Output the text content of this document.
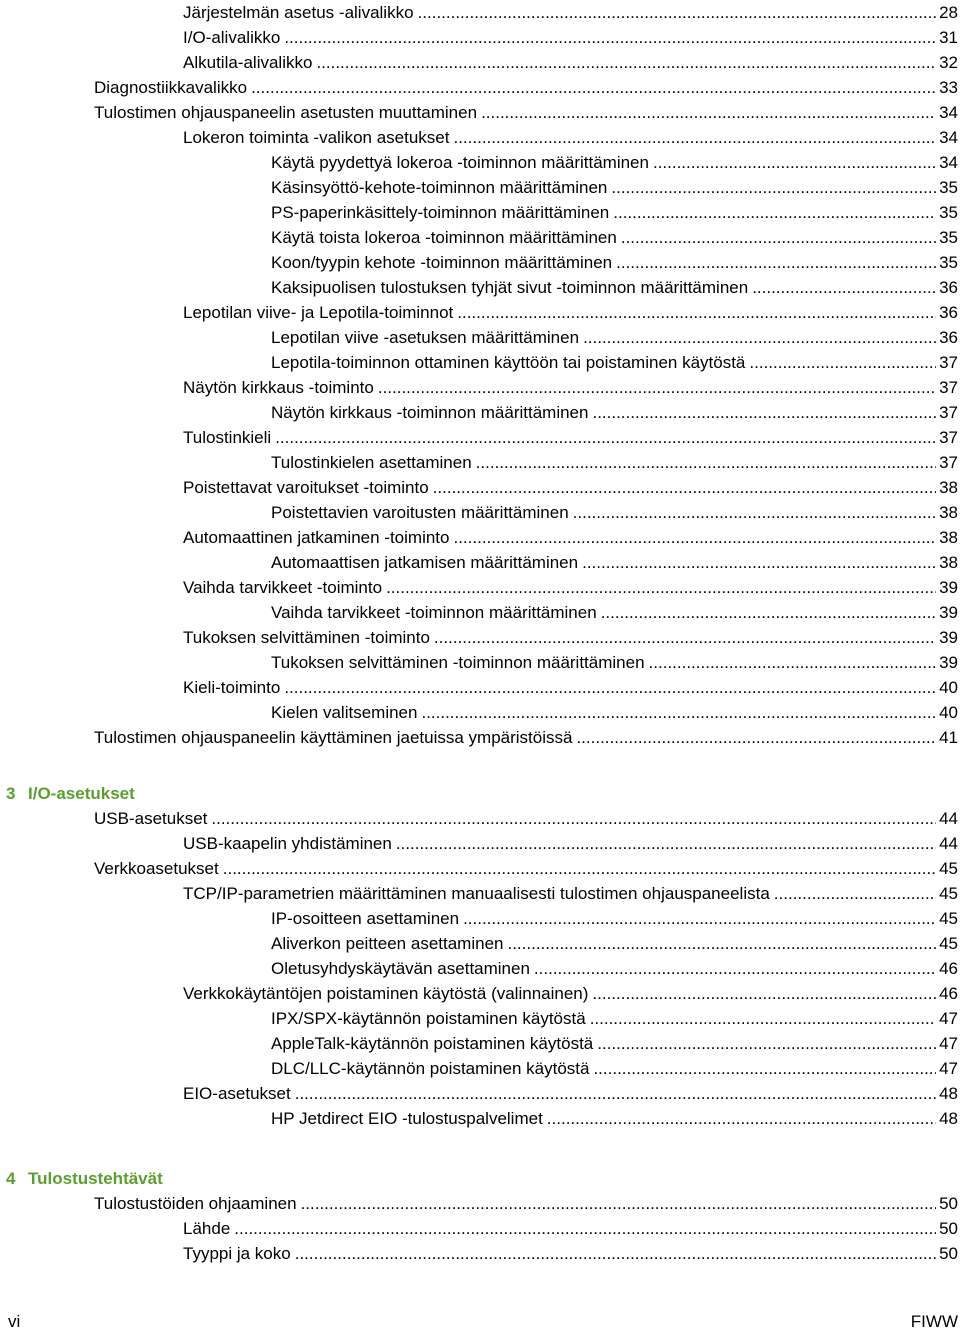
Järjestelmän asetus -alivalikko .....	28
I/O-alivalikko .....	31
Alkutila-alivalikko .....	32
Diagnostiikkavalikko .....	33
Tulostimen ohjauspaneelin asetusten muuttaminen .....	34
Lokeron toiminta -valikon asetukset .....	34
Käytä pyydettyä lokeroa -toiminnon määrittäminen .....	34
Käsinsyöttö-kehote-toiminnon määrittäminen .....	35
PS-paperinkäsittely-toiminnon määrittäminen .....	35
Käytä toista lokeroa -toiminnon määrittäminen .....	35
Koon/tyypin kehote -toiminnon määrittäminen .....	35
Kaksipuolisen tulostuksen tyhjät sivut -toiminnon määrittäminen .....	36
Lepotilan viive- ja Lepotila-toiminnot .....	36
Lepotilan viive -asetuksen määrittäminen .....	36
Lepotila-toiminnon ottaminen käyttöön tai poistaminen käytöstä .....	37
Näytön kirkkaus -toiminto .....	37
Näytön kirkkaus -toiminnon määrittäminen .....	37
Tulostinkieli .....	37
Tulostinkielen asettaminen .....	37
Poistettavat varoitukset -toiminto .....	38
Poistettavien varoitusten määrittäminen .....	38
Automaattinen jatkaminen -toiminto .....	38
Automaattisen jatkamisen määrittäminen .....	38
Vaihda tarvikkeet -toiminto .....	39
Vaihda tarvikkeet -toiminnon määrittäminen .....	39
Tukoksen selvittäminen -toiminto .....	39
Tukoksen selvittäminen -toiminnon määrittäminen .....	39
Kieli-toiminto .....	40
Kielen valitseminen .....	40
Tulostimen ohjauspaneelin käyttäminen jaetuissa ympäristöissä .....	41
3 I/O-asetukset
USB-asetukset .....	44
USB-kaapelin yhdistäminen .....	44
Verkkoasetukset .....	45
TCP/IP-parametrien määrittäminen manuaalisesti tulostimen ohjauspaneelista .....	45
IP-osoitteen asettaminen .....	45
Aliverkon peitteen asettaminen .....	45
Oletusyhdyskäytävän asettaminen .....	46
Verkkokäytäntöjen poistaminen käytöstä (valinnainen) .....	46
IPX/SPX-käytännön poistaminen käytöstä .....	47
AppleTalk-käytännön poistaminen käytöstä .....	47
DLC/LLC-käytännön poistaminen käytöstä .....	47
EIO-asetukset .....	48
HP Jetdirect EIO -tulostuspalvelimet .....	48
4 Tulostustehtävät
Tulostustöiden ohjaaminen .....	50
Lähde .....	50
Tyyppi ja koko .....	50
vi	FIWW
